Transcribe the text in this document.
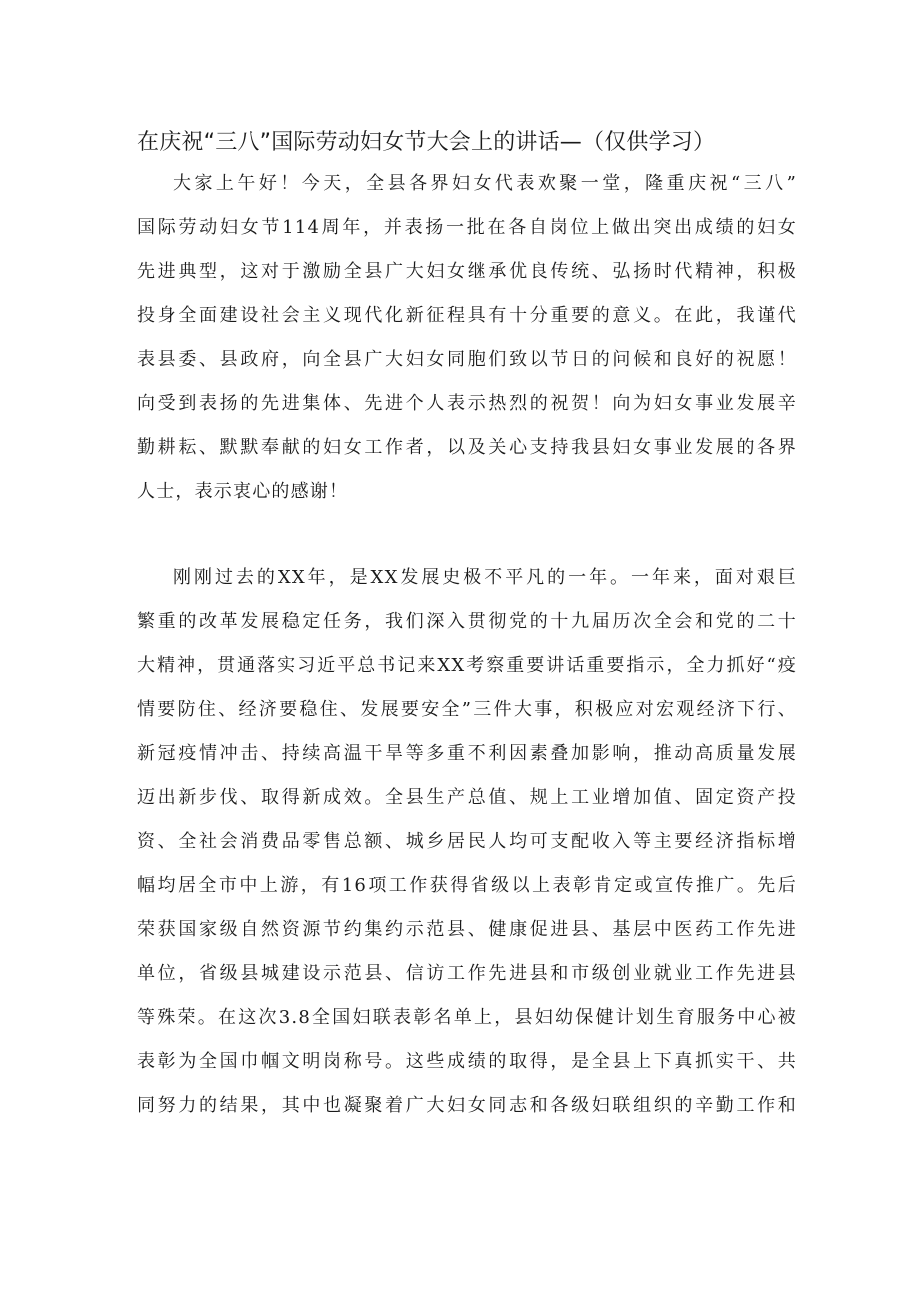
在庆祝“三八”国际劳动妇女节大会上的讲话—（仅供学习）
大家上午好！今天，全县各界妇女代表欢聚一堂，隆重庆祝“三八”
国际劳动妇女节114周年，并表扬一批在各自岗位上做出突出成绩的妇女
先进典型，这对于激励全县广大妇女继承优良传统、弘扬时代精神，积极
投身全面建设社会主义现代化新征程具有十分重要的意义。在此，我谨代
表县委、县政府，向全县广大妇女同胞们致以节日的问候和良好的祝愿！
向受到表扬的先进集体、先进个人表示热烈的祝贺！向为妇女事业发展辛
勤耕耘、默默奉献的妇女工作者，以及关心支持我县妇女事业发展的各界
人士，表示衷心的感谢！
刚刚过去的XX年，是XX发展史极不平凡的一年。一年来，面对艰巨
繁重的改革发展稳定任务，我们深入贯彻党的十九届历次全会和党的二十
大精神，贯通落实习近平总书记来XX考察重要讲话重要指示，全力抓好“疫
情要防住、经济要稳住、发展要安全”三件大事，积极应对宏观经济下行、
新冠疫情冲击、持续高温干旱等多重不利因素叠加影响，推动高质量发展
迈出新步伐、取得新成效。全县生产总值、规上工业增加值、固定资产投
资、全社会消费品零售总额、城乡居民人均可支配收入等主要经济指标增
幅均居全市中上游，有16项工作获得省级以上表彰肯定或宣传推广。先后
荣获国家级自然资源节约集约示范县、健康促进县、基层中医药工作先进
单位，省级县城建设示范县、信访工作先进县和市级创业就业工作先进县
等殊荣。在这次3.8全国妇联表彰名单上，县妇幼保健计划生育服务中心被
表彰为全国巾帼文明岗称号。这些成绩的取得，是全县上下真抓实干、共
同努力的结果，其中也凝聚着广大妇女同志和各级妇联组织的辛勤工作和
